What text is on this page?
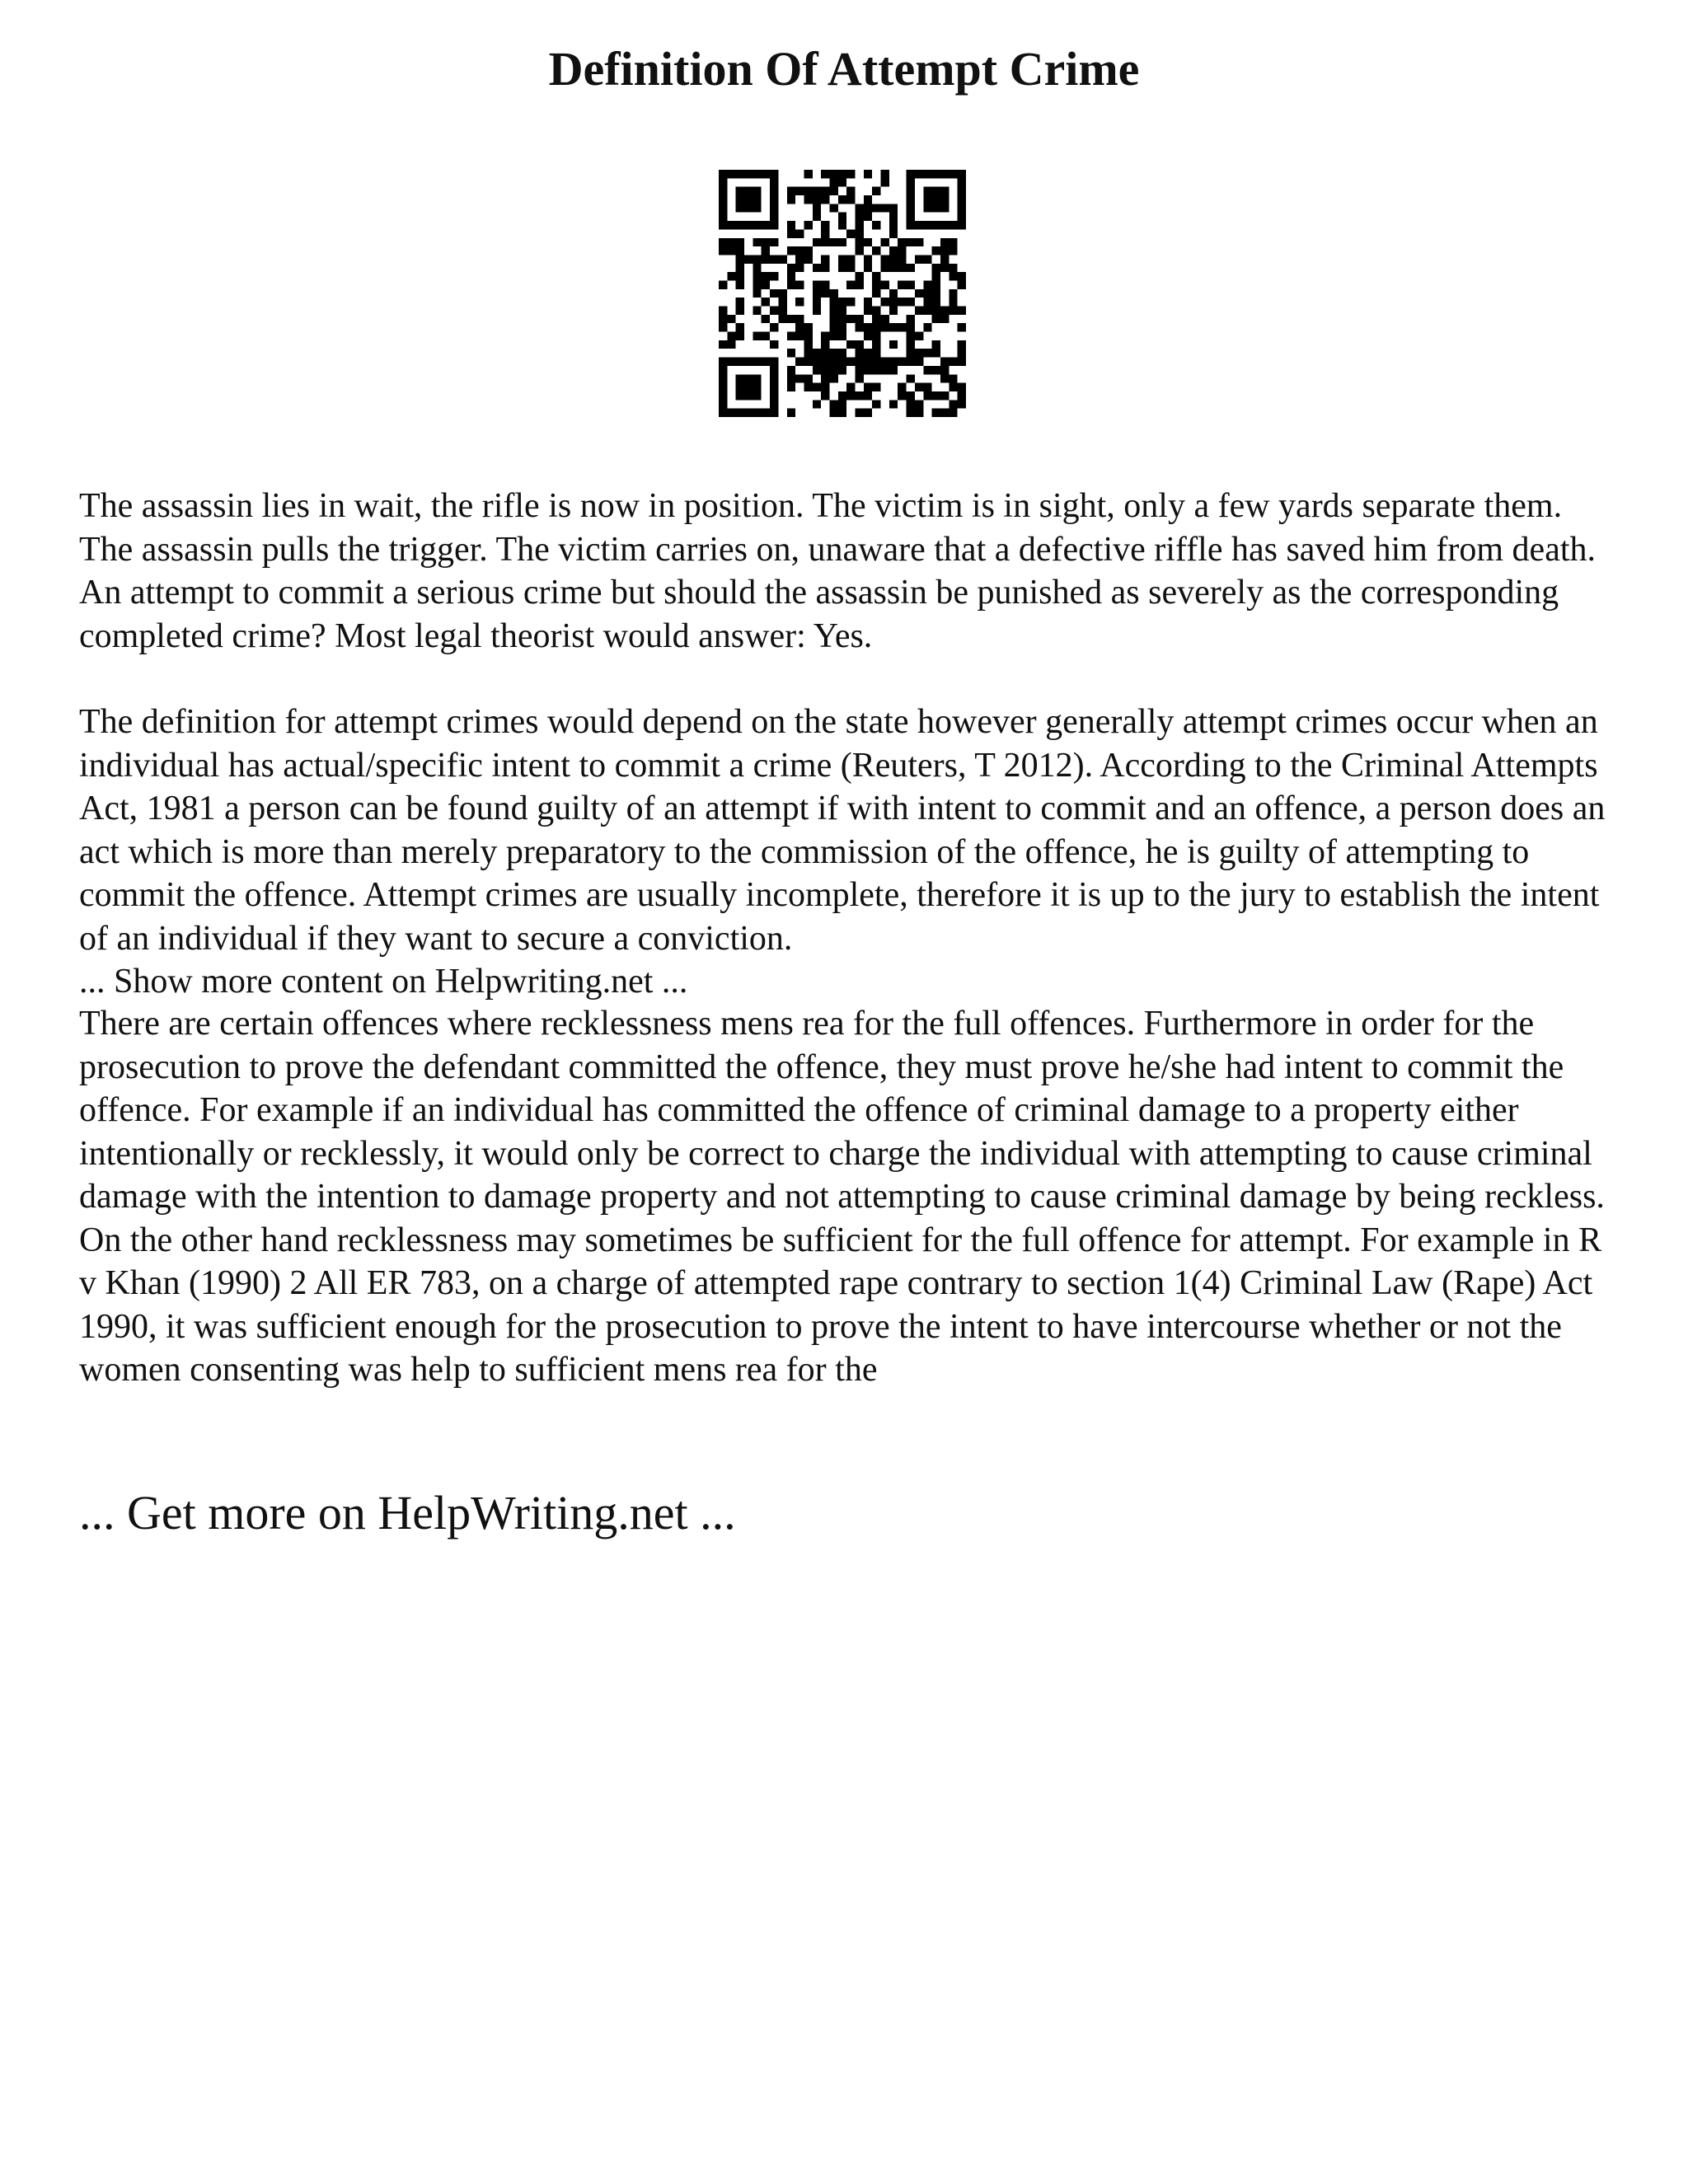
Definition Of Attempt Crime

The assassin lies in wait, the rifle is now in position. The victim is in sight, only a few yards separate them. The assassin pulls the trigger. The victim carries on, unaware that a defective riffle has saved him from death. An attempt to commit a serious crime but should the assassin be punished as severely as the corresponding completed crime? Most legal theorist would answer: Yes.

The definition for attempt crimes would depend on the state however generally attempt crimes occur when an individual has actual/specific intent to commit a crime (Reuters, T 2012). According to the Criminal Attempts Act, 1981 a person can be found guilty of an attempt if with intent to commit and an offence, a person does an act which is more than merely preparatory to the commission of the offence, he is guilty of attempting to commit the offence. Attempt crimes are usually incomplete, therefore it is up to the jury to establish the intent of an individual if they want to secure a conviction.
... Show more content on Helpwriting.net ...

There are certain offences where recklessness mens rea for the full offences. Furthermore in order for the prosecution to prove the defendant committed the offence, they must prove he/she had intent to commit the offence. For example if an individual has committed the offence of criminal damage to a property either intentionally or recklessly, it would only be correct to charge the individual with attempting to cause criminal damage with the intention to damage property and not attempting to cause criminal damage by being reckless. On the other hand recklessness may sometimes be sufficient for the full offence for attempt. For example in R v Khan (1990) 2 All ER 783, on a charge of attempted rape contrary to section 1(4) Criminal Law (Rape) Act 1990, it was sufficient enough for the prosecution to prove the intent to have intercourse whether or not the women consenting was help to sufficient mens rea for the

... Get more on HelpWriting.net ...
